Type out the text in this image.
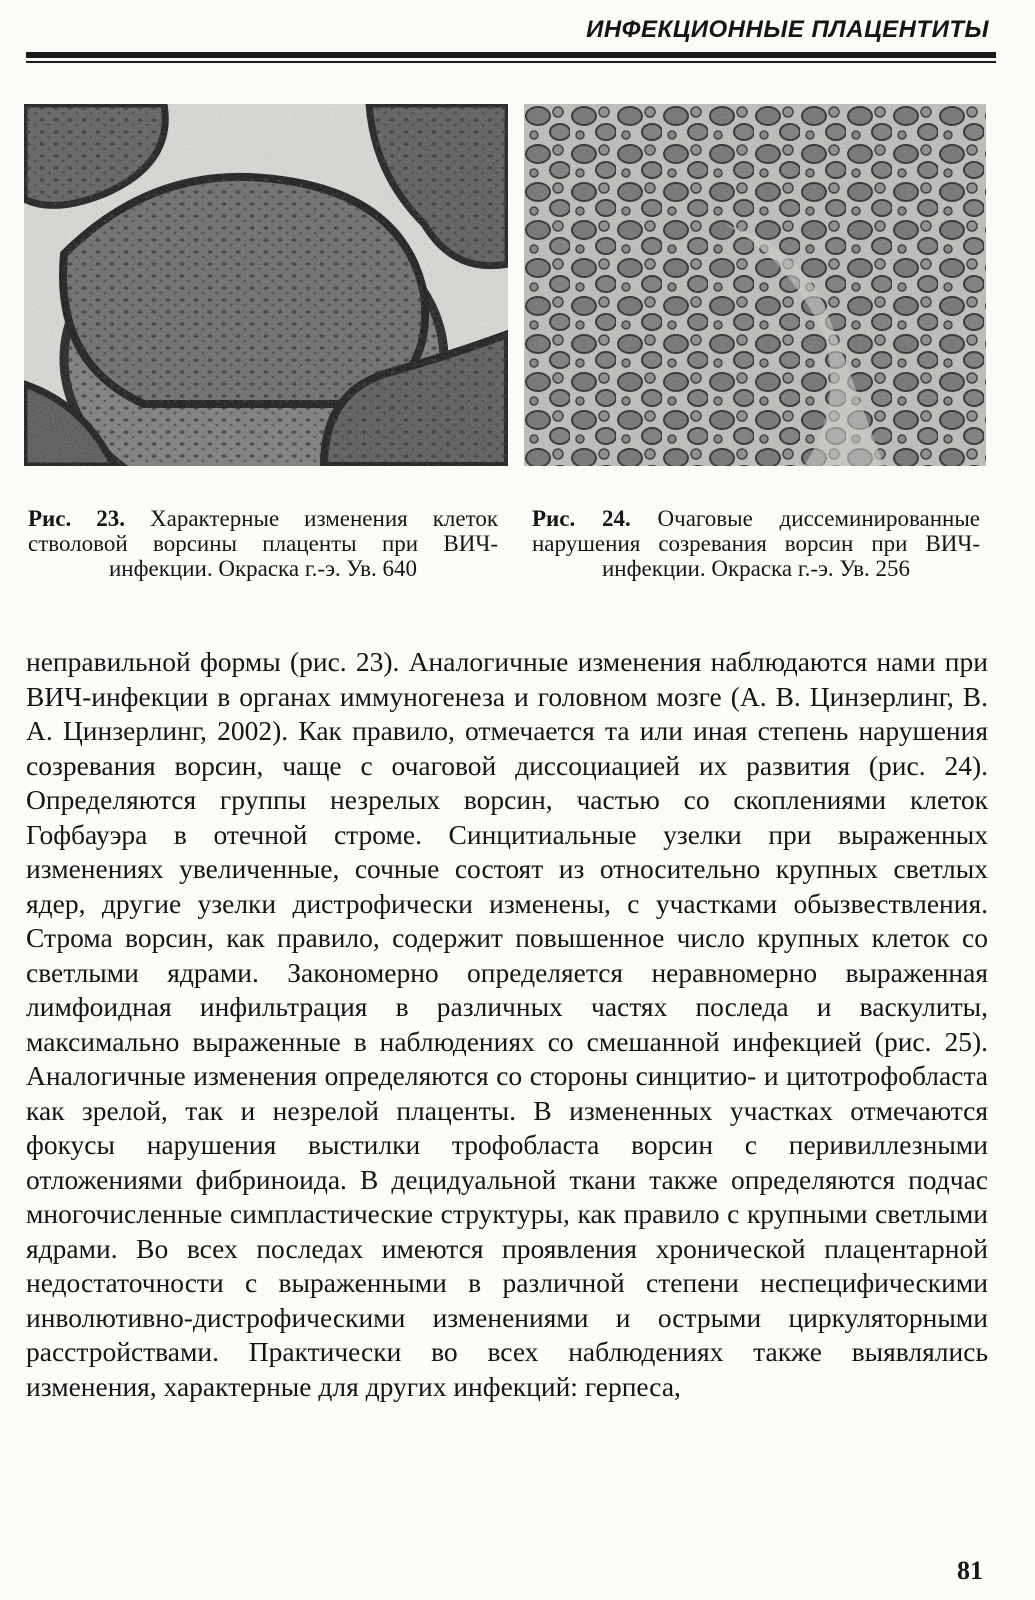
ИНФЕКЦИОННЫЕ ПЛАЦЕНТИТЫ
Рис. 23. Характерные изменения клеток стволовой ворсины плаценты при ВИЧ-инфекции. Окраска г.-э. Ув. 640
Рис. 24. Очаговые диссеминированные нарушения созревания ворсин при ВИЧ-инфекции. Окраска г.-э. Ув. 256

неправильной формы (рис. 23). Аналогичные изменения наблюдаются нами при ВИЧ-инфекции в органах иммуногенеза и головном мозге (А. В. Цинзерлинг, В. А. Цинзерлинг, 2002). Как правило, отмечается та или иная степень нарушения созревания ворсин, чаще с очаговой диссоциацией их развития (рис. 24). Определяются группы незрелых ворсин, частью со скоплениями клеток Гофбауэра в отечной строме. Синцитиальные узелки при выраженных изменениях увеличенные, сочные состоят из относительно крупных светлых ядер, другие узелки дистрофически изменены, с участками обызвествления. Строма ворсин, как правило, содержит повышенное число крупных клеток со светлыми ядрами. Закономерно определяется неравномерно выраженная лимфоидная инфильтрация в различных частях последа и васкулиты, максимально выраженные в наблюдениях со смешанной инфекцией (рис. 25). Аналогичные изменения определяются со стороны синцитио- и цитотрофобласта как зрелой, так и незрелой плаценты. В измененных участках отмечаются фокусы нарушения выстилки трофобласта ворсин с перивиллезными отложениями фибриноида. В децидуальной ткани также определяются подчас многочисленные симпластические структуры, как правило с крупными светлыми ядрами. Во всех последах имеются проявления хронической плацентарной недостаточности с выраженными в различной степени неспецифическими инволютивно-дистрофическими изменениями и острыми циркуляторными расстройствами. Практически во всех наблюдениях также выявлялись изменения, характерные для других инфекций: герпеса,

81
